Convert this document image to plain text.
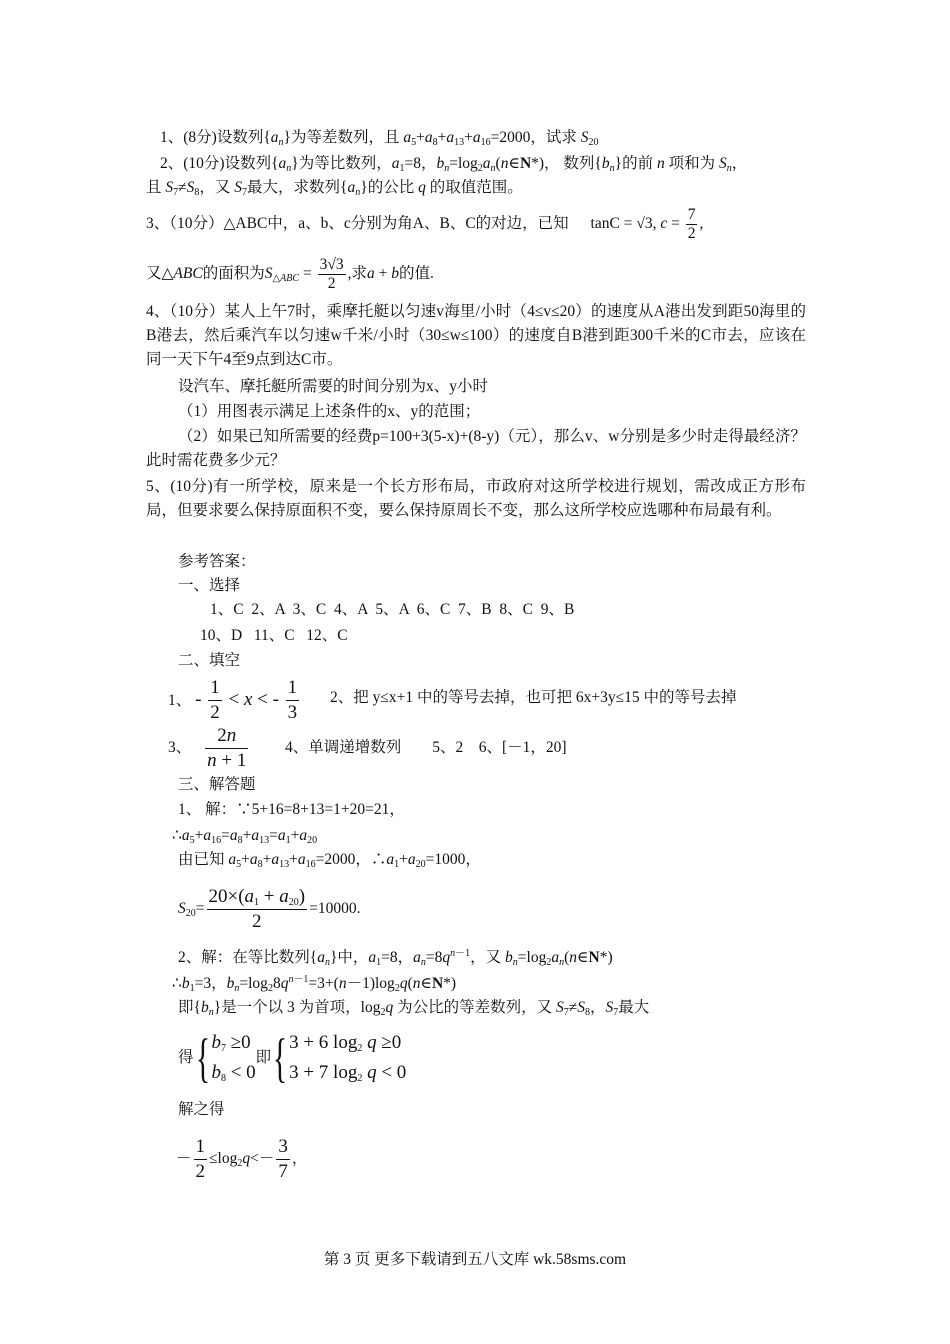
1、(8分)设数列$\{a_n\}$为等差数列，且 $a_5+a_8+a_{13}+a_{16}=2000$，试求 $S_{20}$
2、(10分)设数列$\{a_n\}$为等比数列，$a_1=8$，$b_n=\log_2a_n(n\in N*)$， 数列$\{b_n\}$的前 n 项和为 $S_n$，
且 $S_7\ne S_8$，又 $S_7$最大，求数列$\{a_n\}$的公比 q 的取值范围。
3、（10分）△ABC中，a、b、c分别为角A、B、C的对边，已知 tanC = √3, $c = \frac{7}{2}$ ,
又△ABC的面积为$S_{\triangle ABC} = \frac{3√3}{2}$ ,求a + b的值.
4、（10分）某人上午7时，乘摩托艇以匀速v海里/小时（4≤v≤20）的速度从A港出发到距50海里的B港去，然后乘汽车以匀速w千米/小时（30≤w≤100）的速度自B港到距300千米的C市去，应该在同一天下午4至9点到达C市。
设汽车、摩托艇所需要的时间分别为x、y小时
（1）用图表示满足上述条件的x、y的范围；
（2）如果已知所需要的经费p=100+3(5-x)+(8-y)（元），那么v、w分别是多少时走得最经济？此时需花费多少元？
5、(10分)有一所学校，原来是一个长方形布局，市政府对这所学校进行规划，需改成正方形布局，但要求要么保持原面积不变，要么保持原周长不变，那么这所学校应选哪种布局最有利。
参考答案：
一、选择
1、C  2、A  3、C  4、A  5、A  6、C  7、B  8、C  9、B
10、D   11、C   12、C
二、填空
1、 - $\frac{1}{2} < x$ < - $\frac{1}{3} 2$、把 y≤x+1 中的等号去掉，也可把 6x+3y≤15 中的等号去掉
3、 $\frac{2n}{n + 1} 4$、单调递增数列        5、2    6、[－1，20]
三、解答题
1、 解：∵5+16=8+13=1+20=21，
$\therefore a_5+a_{16}=a_8+a_{13}=a_1+a_{20}$
由已知 $a_5+a_8+a_{13}+a_{16}=2000$，$\therefore a_1+a_{20}=1000$，
$S_{20}= \frac{20\times(a_1 + a_{20})}{2} =10000$.
2、解：在等比数列$\{a_n\}$中，$a_1=8$，$a_n=8q^{n-1}$，又 $b_n=\log_2a_n(n\in N*)$
$\therefore b_1=3$，$b_n=\log_28q^{n-1}=3+(n-1)\log_2q(n\in N*)$
即$\{b_n\}$是一个以 3 为首项，$\log_2q$ 为公比的等差数列，又 $S_7\ne S_8$，$S_7$最大
得{$b_7 \ge 0$
$b_8 < 0$即{3 + 6 $\log_2 q \ge 0$
3 + 7 $\log_2 q < 0$
解之得
－ $\frac{1}{2} \le\log_2q<- \frac{3}{7}$ ，
第 3 页 更多下载请到五八文库 wk.58sms.com
